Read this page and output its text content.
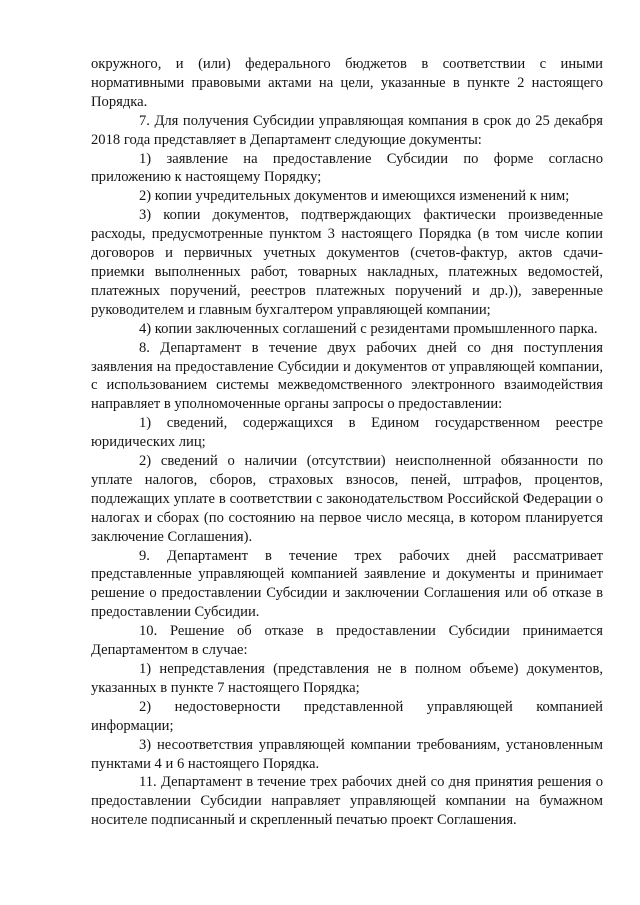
окружного, и (или) федерального бюджетов в соответствии с иными нормативными правовыми актами на цели, указанные в пункте 2 настоящего Порядка.

7. Для получения Субсидии управляющая компания в срок до 25 декабря 2018 года представляет в Департамент следующие документы:

1) заявление на предоставление Субсидии по форме согласно приложению к настоящему Порядку;

2) копии учредительных документов и имеющихся изменений к ним;

3) копии документов, подтверждающих фактически произведенные расходы, предусмотренные пунктом 3 настоящего Порядка (в том числе копии договоров и первичных учетных документов (счетов-фактур, актов сдачи-приемки выполненных работ, товарных накладных, платежных ведомостей, платежных поручений, реестров платежных поручений и др.)), заверенные руководителем и главным бухгалтером управляющей компании;

4) копии заключенных соглашений с резидентами промышленного парка.

8. Департамент в течение двух рабочих дней со дня поступления заявления на предоставление Субсидии и документов от управляющей компании, с использованием системы межведомственного электронного взаимодействия направляет в уполномоченные органы запросы о предоставлении:

1) сведений, содержащихся в Едином государственном реестре юридических лиц;

2) сведений о наличии (отсутствии) неисполненной обязанности по уплате налогов, сборов, страховых взносов, пеней, штрафов, процентов, подлежащих уплате в соответствии с законодательством Российской Федерации о налогах и сборах (по состоянию на первое число месяца, в котором планируется заключение Соглашения).

9. Департамент в течение трех рабочих дней рассматривает представленные управляющей компанией заявление и документы и принимает решение о предоставлении Субсидии и заключении Соглашения или об отказе в предоставлении Субсидии.

10. Решение об отказе в предоставлении Субсидии принимается Департаментом в случае:

1) непредставления (представления не в полном объеме) документов, указанных в пункте 7 настоящего Порядка;

2) недостоверности представленной управляющей компанией информации;

3) несоответствия управляющей компании требованиям, установленным пунктами 4 и 6 настоящего Порядка.

11. Департамент в течение трех рабочих дней со дня принятия решения о предоставлении Субсидии направляет управляющей компании на бумажном носителе подписанный и скрепленный печатью проект Соглашения.
